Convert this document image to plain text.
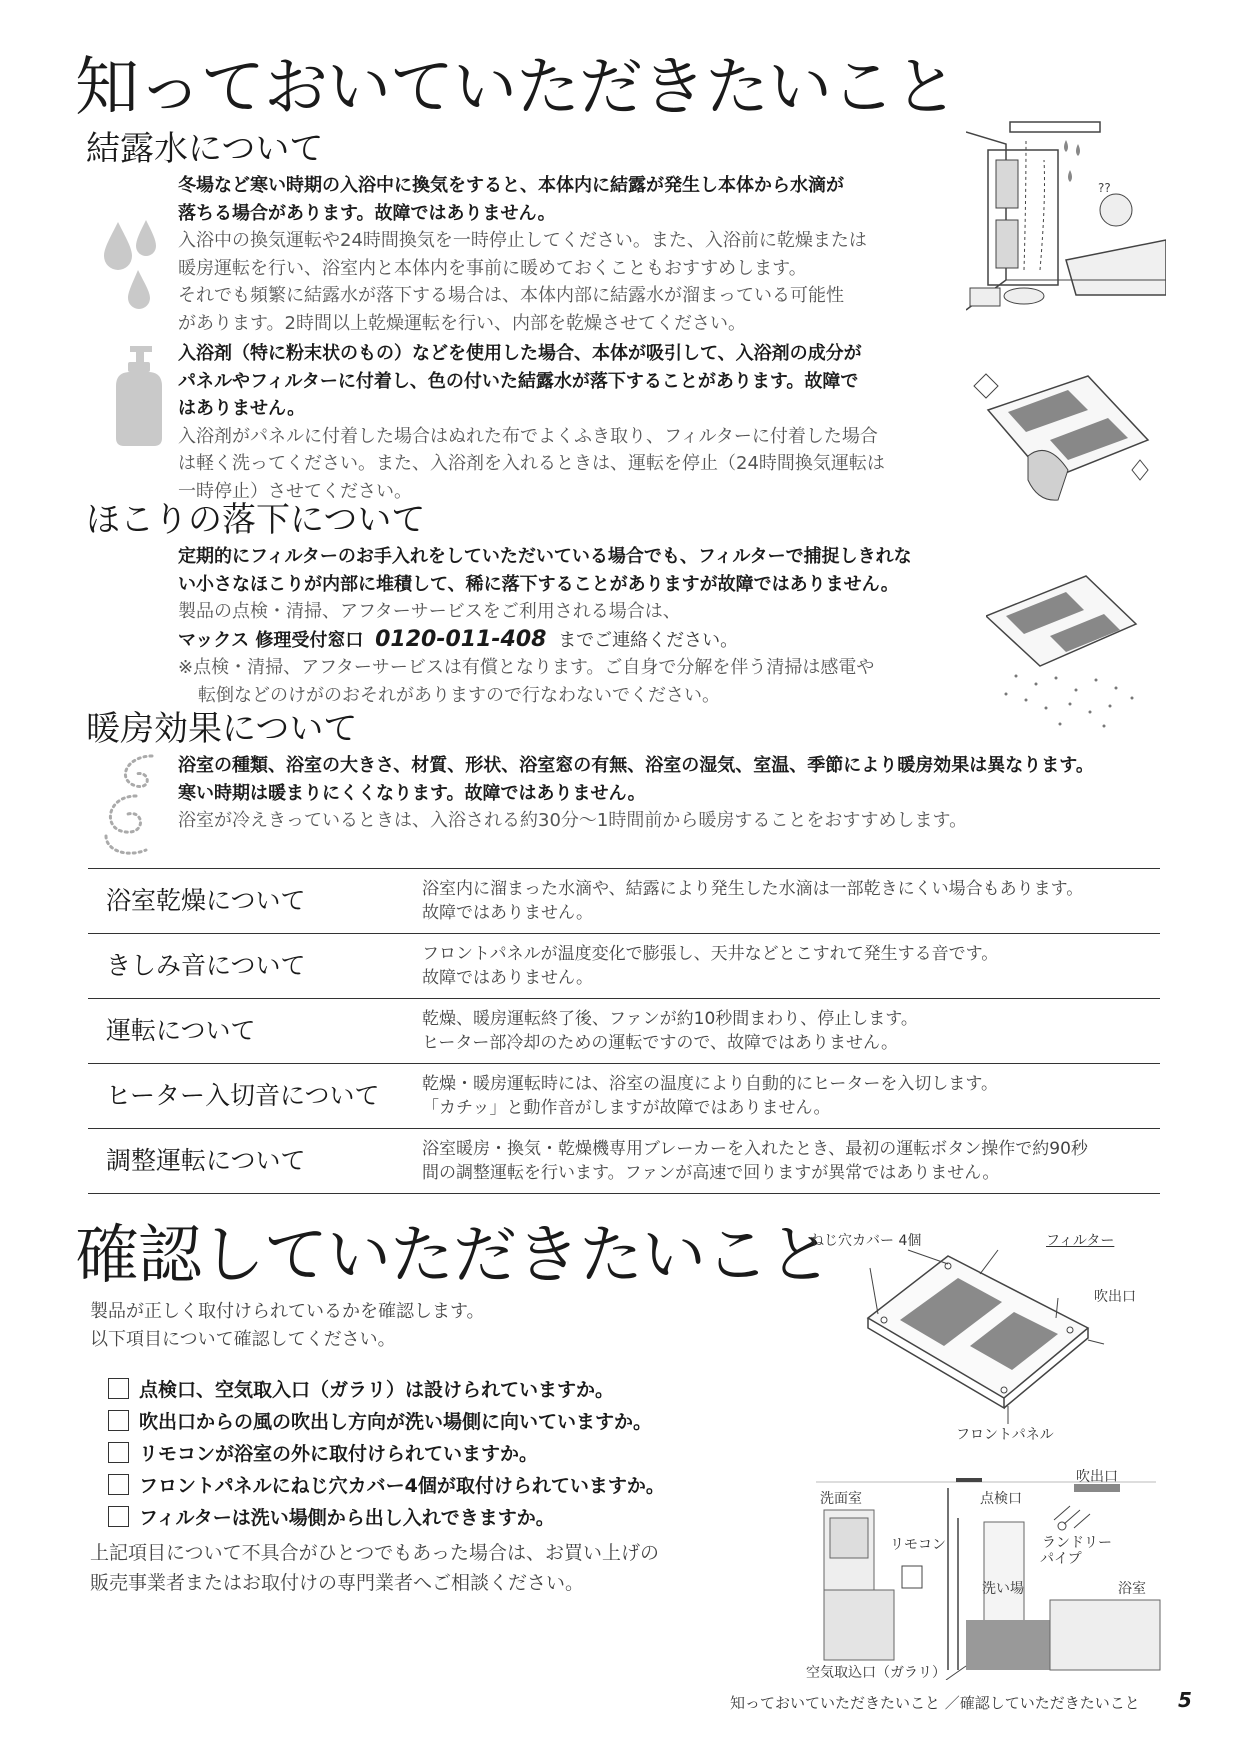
知っておいていただきたいこと
結露水について

冬場など寒い時期の入浴中に換気をすると、本体内に結露が発生し本体から水滴が

落ちる場合があります。故障ではありません。

入浴中の換気運転や24時間換気を一時停止してください。また、入浴前に乾燥または

暖房運転を行い、浴室内と本体内を事前に暖めておくこともおすすめします。

それでも頻繁に結露水が落下する場合は、本体内部に結露水が溜まっている可能性

があります。2時間以上乾燥運転を行い、内部を乾燥させてください。

入浴剤（特に粉末状のもの）などを使用した場合、本体が吸引して、入浴剤の成分が

パネルやフィルターに付着し、色の付いた結露水が落下することがあります。故障で

はありません。

入浴剤がパネルに付着した場合はぬれた布でよくふき取り、フィルターに付着した場合

は軽く洗ってください。また、入浴剤を入れるときは、運転を停止（24時間換気運転は

一時停止）させてください。

??
ほこりの落下について

定期的にフィルターのお手入れをしていただいている場合でも、フィルターで捕捉しきれな

い小さなほこりが内部に堆積して、稀に落下することがありますが故障ではありません。

製品の点検・清掃、アフターサービスをご利用される場合は、

マックス 修理受付窓口 0120-011-408 までご連絡ください。

※点検・清掃、アフターサービスは有償となります。ご自身で分解を伴う清掃は感電や

転倒などのけがのおそれがありますので行なわないでください。

暖房効果について

浴室の種類、浴室の大きさ、材質、形状、浴室窓の有無、浴室の湿気、室温、季節により暖房効果は異なります。

寒い時期は暖まりにくくなります。故障ではありません。

浴室が冷えきっているときは、入浴される約30分～1時間前から暖房することをおすすめします。

浴室乾燥について	浴室内に溜まった水滴や、結露により発生した水滴は一部乾きにくい場合もあります。
故障ではありません。
きしみ音について	フロントパネルが温度変化で膨張し、天井などとこすれて発生する音です。
故障ではありません。
運転について	乾燥、暖房運転終了後、ファンが約10秒間まわり、停止します。
ヒーター部冷却のための運転ですので、故障ではありません。
ヒーター入切音について	乾燥・暖房運転時には、浴室の温度により自動的にヒーターを入切します。
「カチッ」と動作音がしますが故障ではありません。
調整運転について	浴室暖房・換気・乾燥機専用ブレーカーを入れたとき、最初の運転ボタン操作で約90秒
間の調整運転を行います。ファンが高速で回りますが異常ではありません。
確認していただきたいこと
製品が正しく取付けられているかを確認します。
以下項目について確認してください。
点検口、空気取入口（ガラリ）は設けられていますか。
吹出口からの風の吹出し方向が洗い場側に向いていますか。
リモコンが浴室の外に取付けられていますか。
フロントパネルにねじ穴カバー4個が取付けられていますか。
フィルターは洗い場側から出し入れできますか。
上記項目について不具合がひとつでもあった場合は、お買い上げの
販売事業者またはお取付けの専門業者へご相談ください。
ねじ穴カバー 4個	フィルター
吹出口
フロントパネル
洗面室	点検口
吹出口
リモコン	ランドリー
パイプ
洗い場	浴室
空気取込口（ガラリ）
知っておいていただきたいこと ／確認していただきたいこと 5
